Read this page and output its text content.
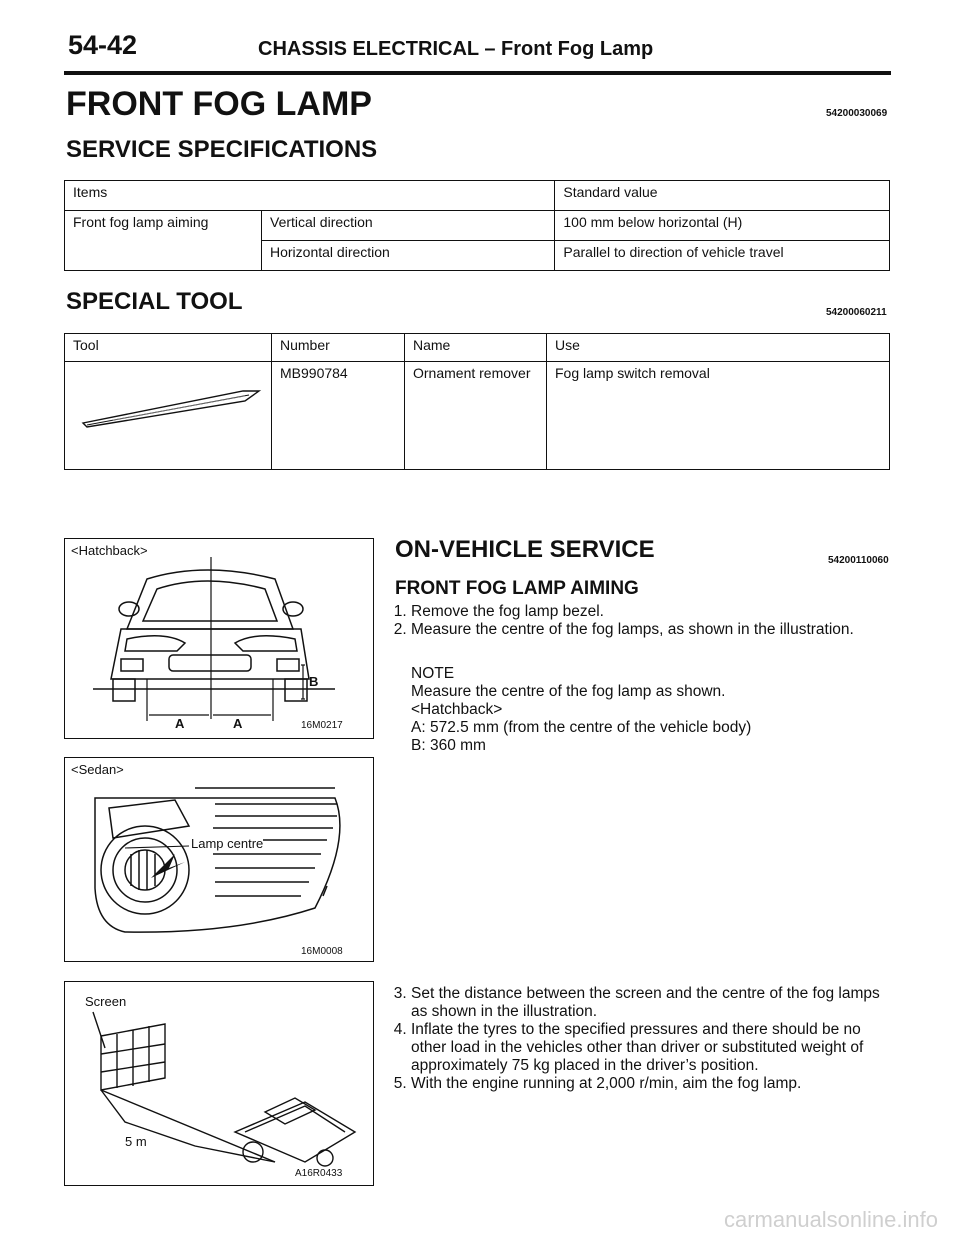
54-42	CHASSIS ELECTRICAL – Front Fog Lamp
FRONT FOG LAMP	54200030069
SERVICE SPECIFICATIONS
Items		Standard value
Front fog lamp aiming	Vertical direction	100 mm below horizontal (H)
	Horizontal direction	Parallel to direction of vehicle travel
SPECIAL TOOL	54200060211
Tool	Number	Name	Use
	MB990784	Ornament remover	Fog lamp switch removal
<Hatchback>
A	A
B
16M0217
<Sedan>
Lamp centre
16M0008
Screen
5 m
A16R0433
ON-VEHICLE SERVICE	54200110060
FRONT FOG LAMP AIMING
1. Remove the fog lamp bezel.
2. Measure the centre of the fog lamps, as shown in the illustration.
NOTE
Measure the centre of the fog lamp as shown.
<Hatchback>
A: 572.5 mm (from the centre of the vehicle body)
B: 360 mm
3. Set the distance between the screen and the centre of the fog lamps as shown in the illustration.
4. Inflate the tyres to the specified pressures and there should be no other load in the vehicles other than driver or substituted weight of approximately 75 kg placed in the driver’s position.
5. With the engine running at 2,000 r/min, aim the fog lamp.
carmanualsonline.info
